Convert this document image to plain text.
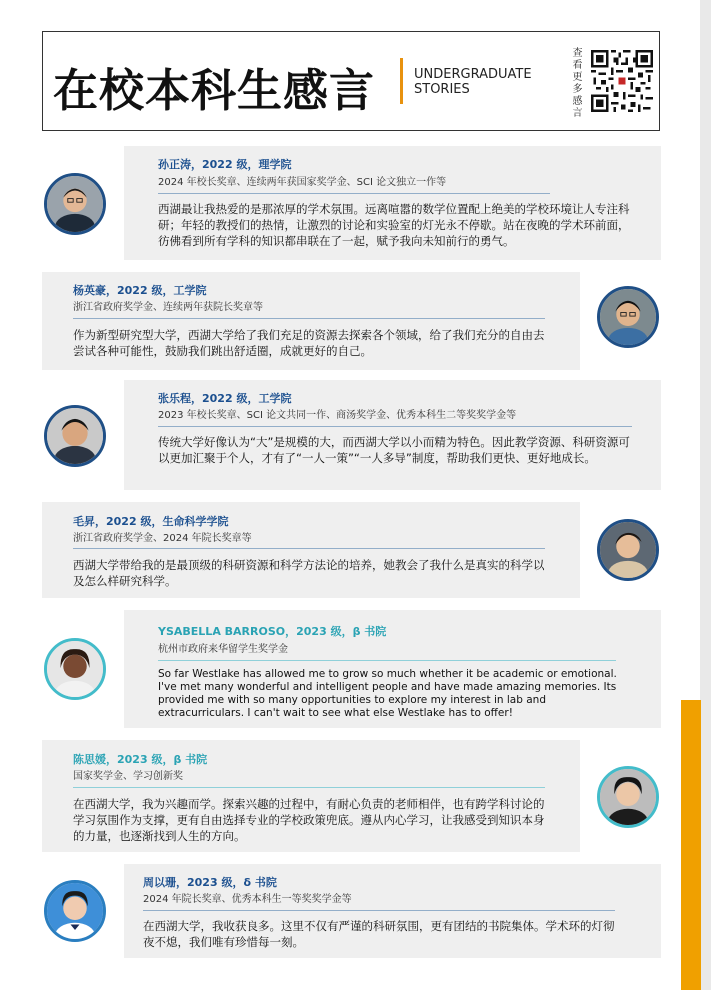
在校本科生感言	UNDERGRADUATE
STORIES
查看更多感言
孙正涛，2022 级，理学院
2024 年校长奖章、连续两年获国家奖学金、SCI 论文独立一作等
西湖最让我热爱的是那浓厚的学术氛围。远离喧嚣的数学位置配上绝美的学校环境让人专注科研；年轻的教授们的热情，让激烈的讨论和实验室的灯光永不停歇。站在夜晚的学术环前面，彷佛看到所有学科的知识都串联在了一起，赋予我向未知前行的勇气。
杨英豪，2022 级，工学院
浙江省政府奖学金、连续两年获院长奖章等
作为新型研究型大学，西湖大学给了我们充足的资源去探索各个领域，给了我们充分的自由去尝试各种可能性，鼓励我们跳出舒适圈，成就更好的自己。
张乐程，2022 级，工学院
2023 年校长奖章、SCI 论文共同一作、商汤奖学金、优秀本科生二等奖奖学金等
传统大学好像认为“大”是规模的大，而西湖大学以小而精为特色。因此教学资源、科研资源可以更加汇聚于个人，才有了“一人一策”“一人多导”制度，帮助我们更快、更好地成长。
毛昇，2022 级，生命科学学院
浙江省政府奖学金、2024 年院长奖章等
西湖大学带给我的是最顶级的科研资源和科学方法论的培养，她教会了我什么是真实的科学以及怎么样研究科学。
YSABELLA BARROSO，2023 级，β 书院
杭州市政府来华留学生奖学金
So far Westlake has allowed me to grow so much whether it be academic or emotional. I've met many wonderful and intelligent people and have made amazing memories. Its provided me with so many opportunities to explore my interest in lab and extracurriculars. I can't wait to see what else Westlake has to offer!
陈思媛，2023 级，β 书院
国家奖学金、学习创新奖
在西湖大学，我为兴趣而学。探索兴趣的过程中，有耐心负责的老师相伴，也有跨学科讨论的学习氛围作为支撑，更有自由选择专业的学校政策兜底。遵从内心学习，让我感受到知识本身的力量，也逐渐找到人生的方向。
周以珊，2023 级，δ 书院
2024 年院长奖章、优秀本科生一等奖奖学金等
在西湖大学，我收获良多。这里不仅有严谨的科研氛围，更有团结的书院集体。学术环的灯彻夜不熄，我们唯有珍惜每一刻。
